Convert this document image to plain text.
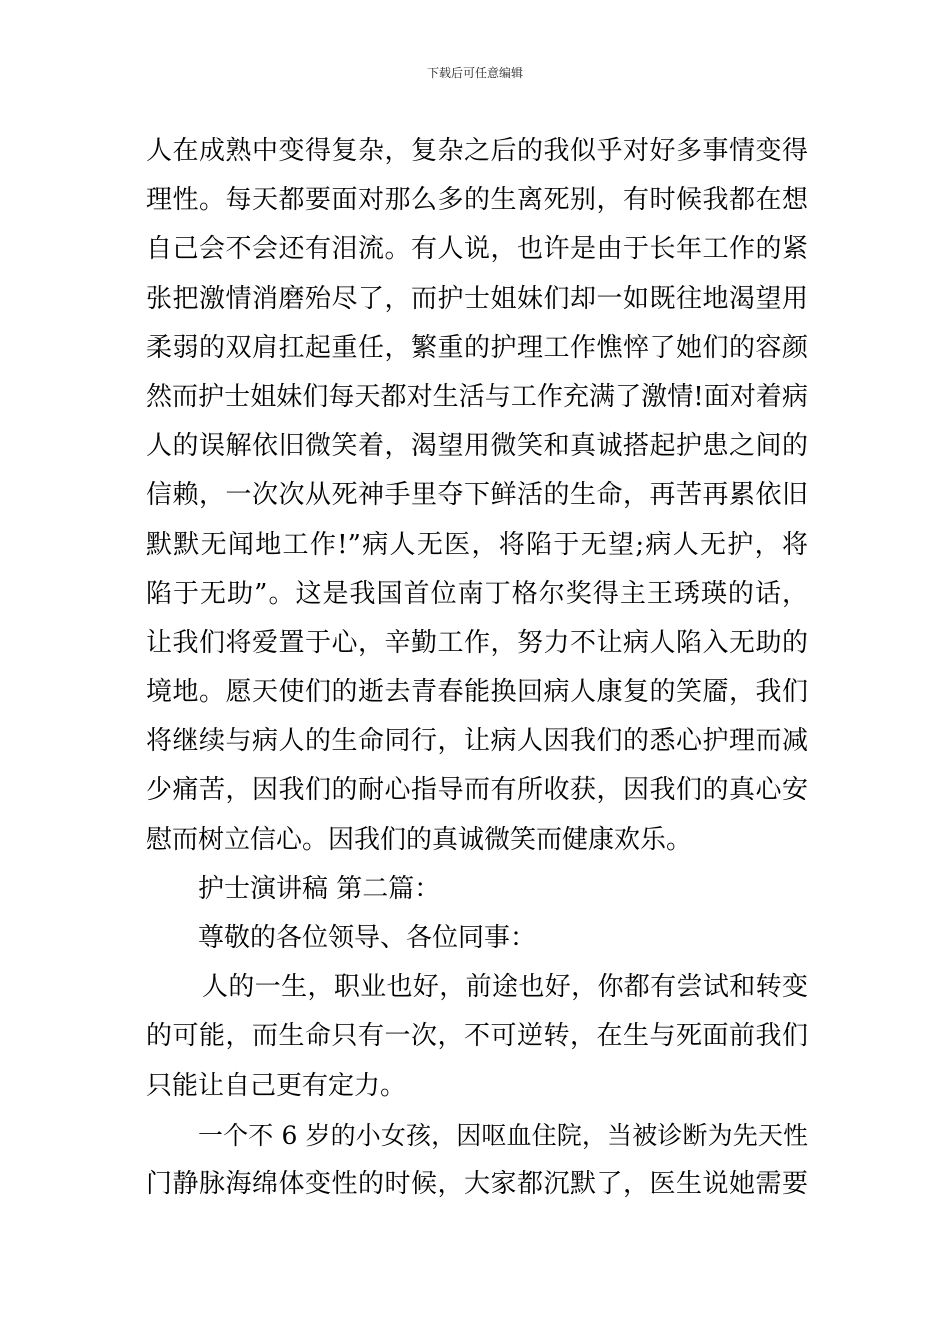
下载后可任意编辑
人在成熟中变得复杂，复杂之后的我似乎对好多事情变得
理性。每天都要面对那么多的生离死别，有时候我都在想
自己会不会还有泪流。有人说，也许是由于长年工作的紧
张把激情消磨殆尽了，而护士姐妹们却一如既往地渴望用
柔弱的双肩扛起重任，繁重的护理工作憔悴了她们的容颜
然而护士姐妹们每天都对生活与工作充满了激情!面对着病
人的误解依旧微笑着，渴望用微笑和真诚搭起护患之间的
信赖，一次次从死神手里夺下鲜活的生命，再苦再累依旧
默默无闻地工作!”病人无医，将陷于无望;病人无护，将
陷于无助”。这是我国首位南丁格尔奖得主王琇瑛的话，
让我们将爱置于心，辛勤工作，努力不让病人陷入无助的
境地。愿天使们的逝去青春能换回病人康复的笑靥，我们
将继续与病人的生命同行，让病人因我们的悉心护理而减
少痛苦，因我们的耐心指导而有所收获，因我们的真心安
慰而树立信心。因我们的真诚微笑而健康欢乐。
护士演讲稿 第二篇：
尊敬的各位领导、各位同事：
人的一生，职业也好，前途也好，你都有尝试和转变
的可能，而生命只有一次，不可逆转，在生与死面前我们
只能让自己更有定力。
一个不 6 岁的小女孩，因呕血住院，当被诊断为先天性
门静脉海绵体变性的时候，大家都沉默了，医生说她需要
